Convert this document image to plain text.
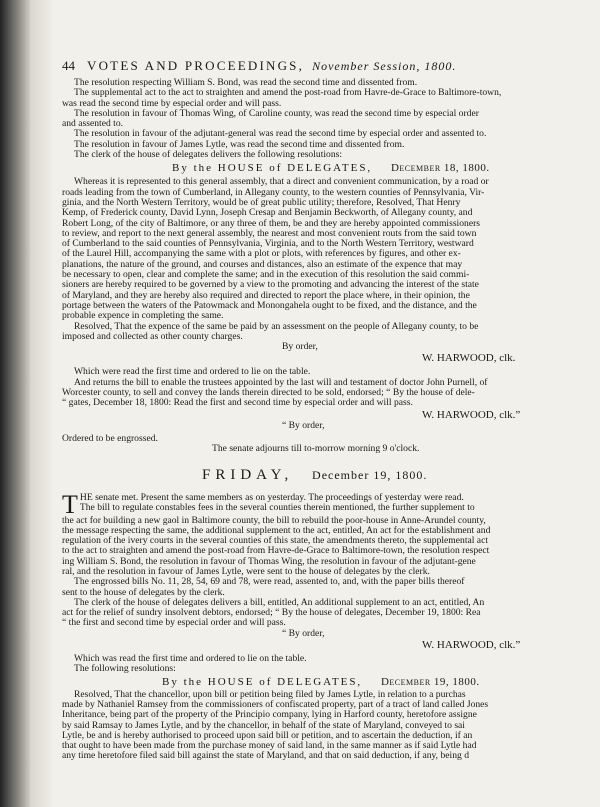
44 VOTES AND PROCEEDINGS, November Session, 1800.
The resolution respecting William S. Bond, was read the second time and dissented from.
The supplemental act to the act to straighten and amend the post-road from Havre-de-Grace to Baltimore-town,
was read the second time by especial order and will pass.
The resolution in favour of Thomas Wing, of Caroline county, was read the second time by especial order
and assented to.
The resolution in favour of the adjutant-general was read the second time by especial order and assented to.
The resolution in favour of James Lytle, was read the second time and dissented from.
The clerk of the house of delegates delivers the following resolutions:
By the HOUSE of DELEGATES, December 18, 1800.
Whereas it is represented to this general assembly, that a direct and convenient communication, by a road or
roads leading from the town of Cumberland, in Allegany county, to the western counties of Pennsylvania, Vir-
ginia, and the North Western Territory, would be of great public utility; therefore, Resolved, That Henry
Kemp, of Frederick county, David Lynn, Joseph Cresap and Benjamin Beckworth, of Allegany county, and
Robert Long, of the city of Baltimore, or any three of them, be and they are hereby appointed commissioners
to review, and report to the next general assembly, the nearest and most convenient routs from the said town
of Cumberland to the said counties of Pennsylvania, Virginia, and to the North Western Territory, westward
of the Laurel Hill, accompanying the same with a plot or plots, with references by figures, and other ex-
planations, the nature of the ground, and courses and distances, also an estimate of the expence that may
be necessary to open, clear and complete the same; and in the execution of this resolution the said commi-
sioners are hereby required to be governed by a view to the promoting and advancing the interest of the state
of Maryland, and they are hereby also required and directed to report the place where, in their opinion, the
portage between the waters of the Patowmack and Monongahela ought to be fixed, and the distance, and the
probable expence in completing the same.
Resolved, That the expence of the same be paid by an assessment on the people of Allegany county, to be
imposed and collected as other county charges.
By order,
W. HARWOOD, clk.
Which were read the first time and ordered to lie on the table.
And returns the bill to enable the trustees appointed by the last will and testament of doctor John Purnell, of
Worcester county, to sell and convey the lands therein directed to be sold, endorsed; “ By the house of dele-
“ gates, December 18, 1800: Read the first and second time by especial order and will pass.
W. HARWOOD, clk.”
“ By order,
Ordered to be engrossed.
The senate adjourns till to-morrow morning 9 o'clock.
FRIDAY, December 19, 1800.
T HE senate met. Present the same members as on yesterday. The proceedings of yesterday were read.
The bill to regulate constables fees in the several counties therein mentioned, the further supplement to
the act for building a new gaol in Baltimore county, the bill to rebuild the poor-house in Anne-Arundel county,
the message respecting the same, the additional supplement to the act, entitled, An act for the establishment and
regulation of the ivery courts in the several counties of this state, the amendments thereto, the supplemental act
to the act to straighten and amend the post-road from Havre-de-Grace to Baltimore-town, the resolution respect
ing William S. Bond, the resolution in favour of Thomas Wing, the resolution in favour of the adjutant-gene
ral, and the resolution in favour of James Lytle, were sent to the house of delegates by the clerk.
The engrossed bills No. 11, 28, 54, 69 and 78, were read, assented to, and, with the paper bills thereof
sent to the house of delegates by the clerk.
The clerk of the house of delegates delivers a bill, entitled, An additional supplement to an act, entitled, An
act for the relief of sundry insolvent debtors, endorsed; “ By the house of delegates, December 19, 1800: Rea
“ the first and second time by especial order and will pass.
“ By order,
W. HARWOOD, clk.”
Which was read the first time and ordered to lie on the table.
The following resolutions:
By the HOUSE of DELEGATES, December 19, 1800.
Resolved, That the chancellor, upon bill or petition being filed by James Lytle, in relation to a purchas
made by Nathaniel Ramsey from the commissioners of confiscated property, part of a tract of land called Jones
Inheritance, being part of the property of the Principio company, lying in Harford county, heretofore assigne
by said Ramsay to James Lytle, and by the chancellor, in behalf of the state of Maryland, conveyed to sai
Lytle, be and is hereby authorised to proceed upon said bill or petition, and to ascertain the deduction, if an
that ought to have been made from the purchase money of said land, in the same manner as if said Lytle had
any time heretofore filed said bill against the state of Maryland, and that on said deduction, if any, being d
